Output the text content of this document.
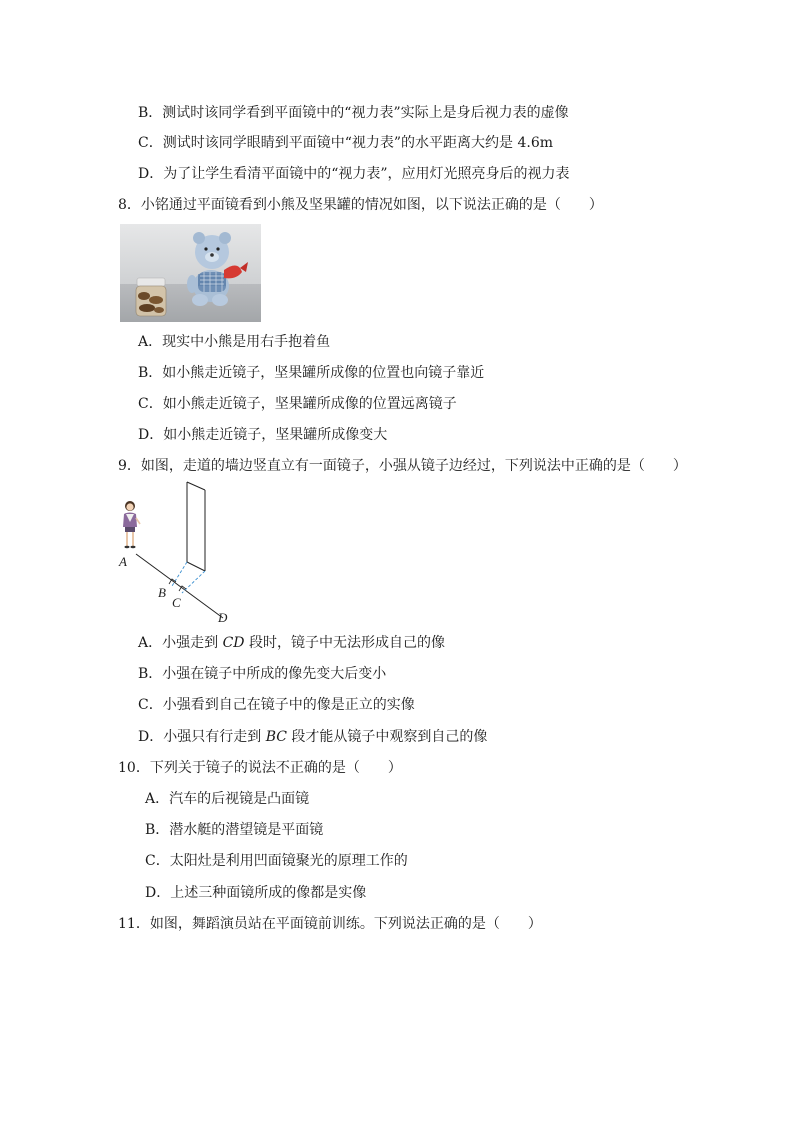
B．测试时该同学看到平面镜中的“视力表”实际上是身后视力表的虚像
C．测试时该同学眼睛到平面镜中“视力表”的水平距离大约是 4.6m
D．为了让学生看清平面镜中的“视力表”，应用灯光照亮身后的视力表
8．小铭通过平面镜看到小熊及坚果罐的情况如图，以下说法正确的是（　　）
A．现实中小熊是用右手抱着鱼
B．如小熊走近镜子，坚果罐所成像的位置也向镜子靠近
C．如小熊走近镜子，坚果罐所成像的位置远离镜子
D．如小熊走近镜子，坚果罐所成像变大
9．如图，走道的墙边竖直立有一面镜子，小强从镜子边经过，下列说法中正确的是（　　）
A
B
C
D
A．小强走到 CD 段时，镜子中无法形成自己的像
B．小强在镜子中所成的像先变大后变小
C．小强看到自己在镜子中的像是正立的实像
D．小强只有行走到 BC 段才能从镜子中观察到自己的像
10．下列关于镜子的说法不正确的是（　　）
A．汽车的后视镜是凸面镜
B．潜水艇的潜望镜是平面镜
C．太阳灶是利用凹面镜聚光的原理工作的
D．上述三种面镜所成的像都是实像
11．如图，舞蹈演员站在平面镜前训练。下列说法正确的是（　　）
